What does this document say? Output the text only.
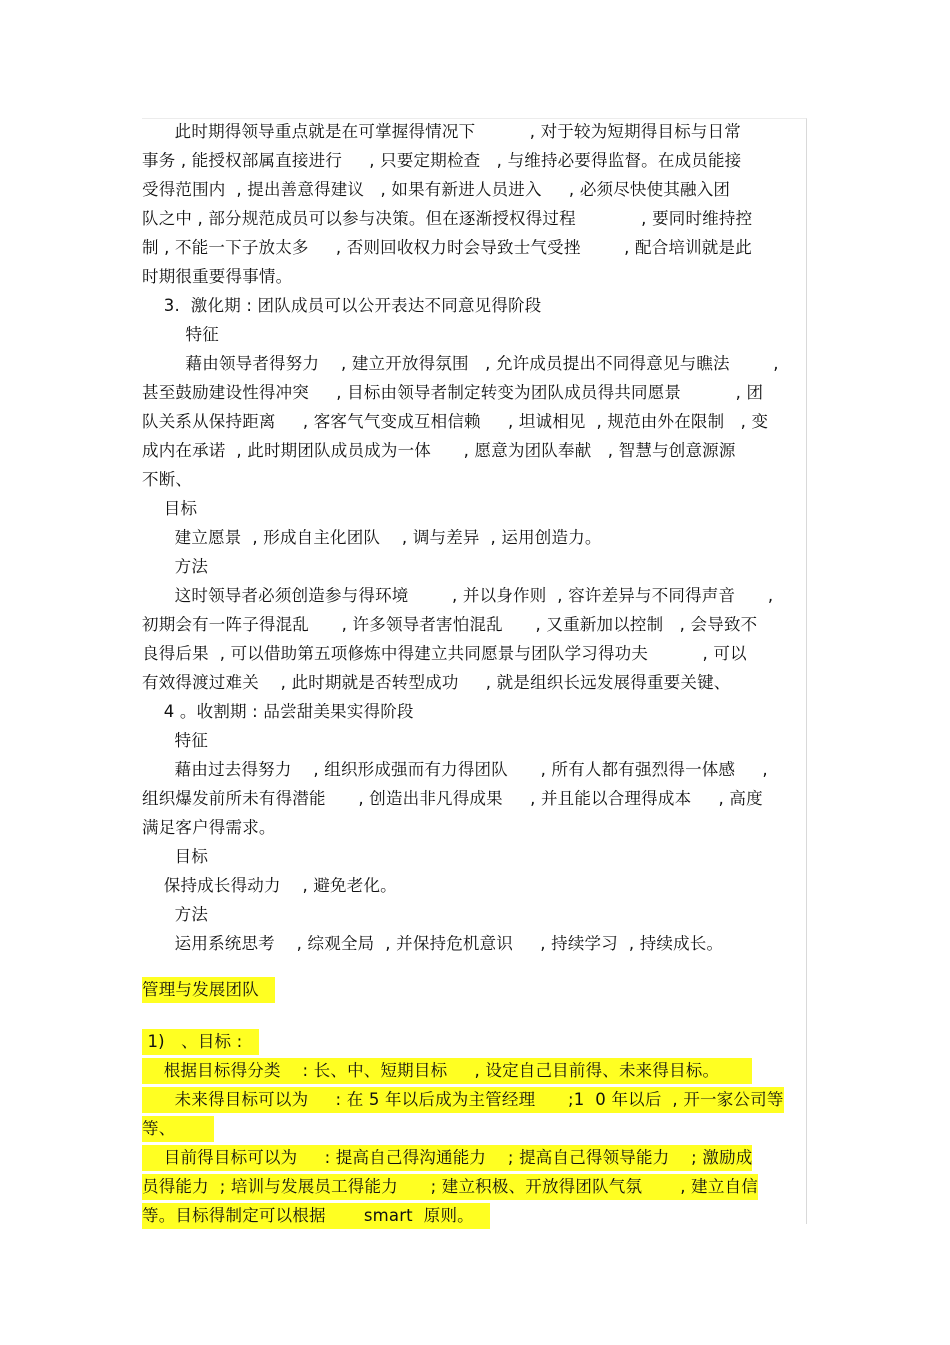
此时期得领导重点就是在可掌握得情况下          , 对于较为短期得目标与日常
事务 , 能授权部属直接进行     , 只要定期检查   , 与维持必要得监督。在成员能接
受得范围内  , 提出善意得建议   , 如果有新进人员进入     , 必须尽快使其融入团
队之中 , 部分规范成员可以参与决策。但在逐渐授权得过程            , 要同时维持控
制 , 不能一下子放太多     , 否则回收权力时会导致士气受挫        , 配合培训就是此
时期很重要得事情。
3.  激化期 : 团队成员可以公开表达不同意见得阶段
特征
藉由领导者得努力    , 建立开放得氛围   , 允许成员提出不同得意见与瞧法        ,
甚至鼓励建设性得冲突     , 目标由领导者制定转变为团队成员得共同愿景          , 团
队关系从保持距离     , 客客气气变成互相信赖     , 坦诚相见  , 规范由外在限制   , 变
成内在承诺  , 此时期团队成员成为一体      , 愿意为团队奉献   , 智慧与创意源源
不断、
目标
建立愿景  , 形成自主化团队    , 调与差异  , 运用创造力。
方法
这时领导者必须创造参与得环境        , 并以身作则  , 容许差异与不同得声音      ,
初期会有一阵子得混乱      , 许多领导者害怕混乱      , 又重新加以控制   , 会导致不
良得后果  , 可以借助第五项修炼中得建立共同愿景与团队学习得功夫          , 可以
有效得渡过难关    , 此时期就是否转型成功     , 就是组织长远发展得重要关键、
4 。收割期 : 品尝甜美果实得阶段
特征
藉由过去得努力    , 组织形成强而有力得团队      , 所有人都有强烈得一体感     ,
组织爆发前所未有得潜能      , 创造出非凡得成果     , 并且能以合理得成本     , 高度
满足客户得需求。
目标
保持成长得动力    , 避免老化。
方法
运用系统思考    , 综观全局  , 并保持危机意识     , 持续学习  , 持续成长。
管理与发展团队
1)   、目标 :
根据目标得分类    : 长、中、短期目标     , 设定自己目前得、未来得目标。
未来得目标可以为     : 在 5 年以后成为主管经理      ;1  0 年以后  , 开一家公司等
等、
目前得目标可以为     : 提高自己得沟通能力    ; 提高自己得领导能力    ; 激励成
员得能力  ; 培训与发展员工得能力      ; 建立积极、开放得团队气氛       , 建立自信
等。目标得制定可以根据       smart  原则。
